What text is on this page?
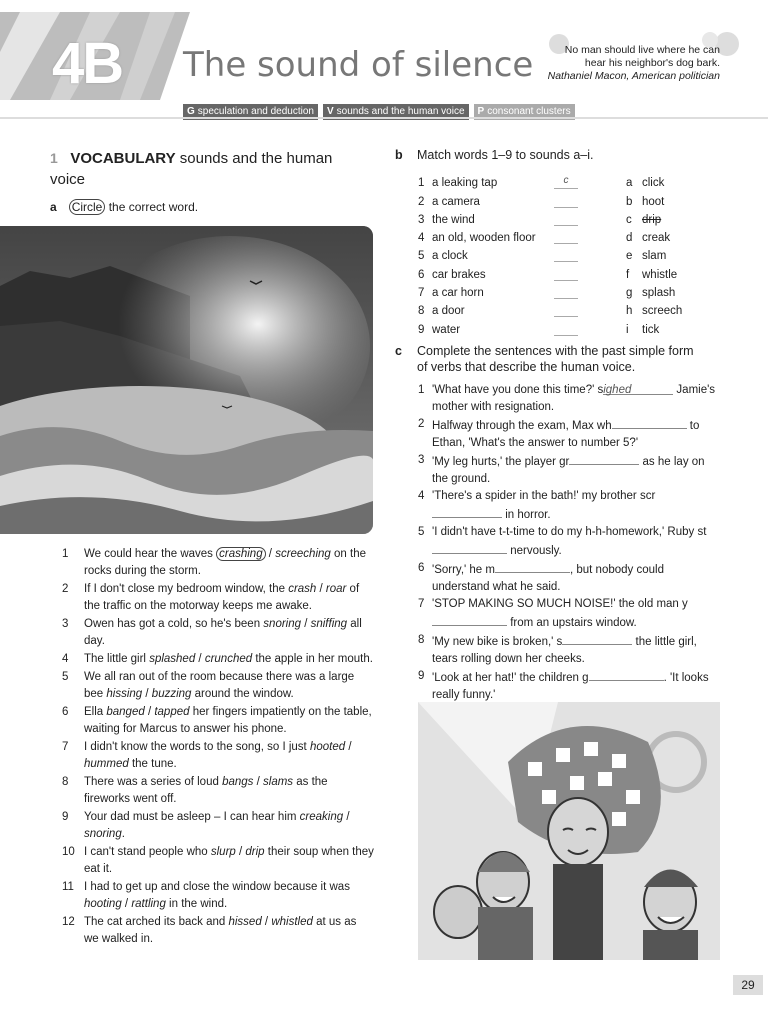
4B The sound of silence	No man should live where he can
hear his neighbor's dog bark.
Nathaniel Macon, American politician
G speculation and deduction	V sounds and the human voice	P consonant clusters
1 VOCABULARY sounds and the human voice
a Circle the correct word.
1	We could hear the waves crashing / screeching on the rocks during the storm.
2	If I don't close my bedroom window, the crash / roar of the traffic on the motorway keeps me awake.
3	Owen has got a cold, so he's been snoring / sniffing all day.
4	The little girl splashed / crunched the apple in her mouth.
5	We all ran out of the room because there was a large bee hissing / buzzing around the window.
6	Ella banged / tapped her fingers impatiently on the table, waiting for Marcus to answer his phone.
7	I didn't know the words to the song, so I just hooted / hummed the tune.
8	There was a series of loud bangs / slams as the fireworks went off.
9	Your dad must be asleep – I can hear him creaking / snoring.
10 I can't stand people who slurp / drip their soup when they eat it.
11 I had to get up and close the window because it was hooting / rattling in the wind.
12 The cat arched its back and hissed / whistled at us as we walked in.
b Match words 1–9 to sounds a–i.
1 a leaking tap	c	a click
2 a camera	b hoot
3 the wind	c drip
4 an old, wooden floor	d creak
5 a clock	e slam
6 car brakes	f	whistle
7 a car horn	g splash
8 a door	h screech
9 water	i	tick
c Complete the sentences with the past simple form
of verbs that describe the human voice.
1 'What have you done this time?' sighed	Jamie's mother with resignation.
2 Halfway through the exam, Max wh	to Ethan, 'What's the answer to number 5?'
3 'My leg hurts,' the player gr	as he lay on the ground.
4 'There's a spider in the bath!' my brother scr in horror.
5 'I didn't have t-t-time to do my h-h-homework,' Ruby st nervously.
6 'Sorry,' he m	, but nobody could understand what he said.
7 'STOP MAKING SO MUCH NOISE!' the old man y from an upstairs window.
8 'My new bike is broken,' s	the little girl, tears rolling down her cheeks.
9 'Look at her hat!' the children g	. 'It looks really funny.'
29
